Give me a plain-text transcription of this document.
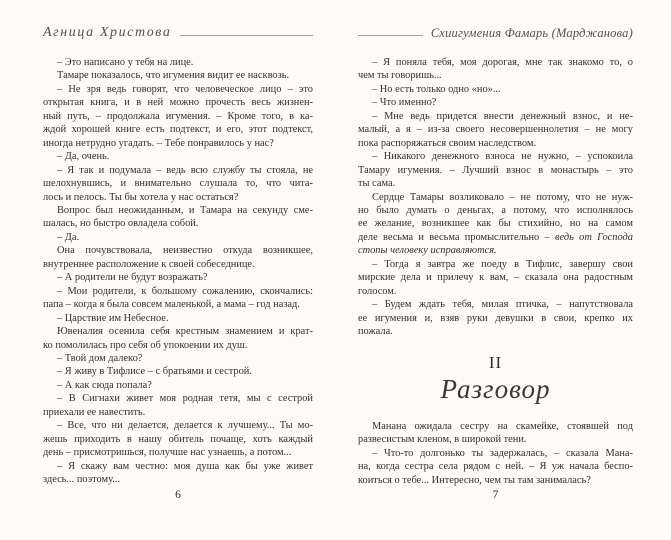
Агница Христова
– Это написано у тебя на лице.
Тамаре показалось, что игумения видит ее насквозь.
– Не зря ведь говорят, что человеческое лицо – это
открытая книга, и в ней можно прочесть весь жизнен-
ный путь, – продолжала игумения. – Кроме того, в ка-
ждой хорошей книге есть подтекст, и его, этот подтекст,
иногда нетрудно угадать. – Тебе понравилось у нас?
– Да, очень.
– Я так и подумала – ведь всю службу ты стояла, не
шелохнувшись, и внимательно слушала то, что чита-
лось и пелось. Ты бы хотела у нас остаться?
Вопрос был неожиданным, и Тамара на секунду сме-
шалась, но быстро овладела собой.
– Да.
Она почувствовала, неизвестно откуда возникшее,
внутреннее расположение к своей собеседнице.
– А родители не будут возражать?
– Мои родители, к большому сожалению, скончались:
папа – когда я была совсем маленькой, а мама – год назад.
– Царствие им Небесное.
Ювеналия осенила себя крестным знамением и крат-
ко помолилась про себя об упокоении их душ.
– Твой дом далеко?
– Я живу в Тифлисе – с братьями и сестрой.
– А как сюда попала?
– В Сигнахи живет моя родная тетя, мы с сестрой
приехали ее навестить.
– Все, что ни делается, делается к лучшему... Ты мо-
жешь приходить в нашу обитель почаще, хоть каждый
день – присмотришься, получше нас узнаешь, а потом...
– Я скажу вам честно: моя душа как бы уже живет
здесь... поэтому...
6
Схиигумения Фамарь (Марджанова)
– Я поняла тебя, моя дорогая, мне так знакомо то, о
чем ты говоришь...
– Но есть только одно «но»...
– Что именно?
– Мне ведь придется внести денежный взнос, и не-
малый, а я – из-за своего несовершеннолетия – не могу
пока распоряжаться своим наследством.
– Никакого денежного взноса не нужно, – успокоила
Тамару игумения. – Лучший взнос в монастырь – это
ты сама.
Сердце Тамары возликовало – не потому, что не нуж-
но было думать о деньгах, а потому, что исполнялось
ее желание, возникшее как бы стихийно, но на самом
деле весьма и весьма промыслительно – ведь от Господа
стопы человеку исправляются.
– Тогда я завтра же поеду в Тифлис, завершу свои
мирские дела и прилечу к вам, – сказала она радостным
голосом.
– Будем ждать тебя, милая птичка, – напутствовала
ее игумения и, взяв руки девушки в свои, крепко их
пожала.
II
Разговор
Манана ожидала сестру на скамейке, стоявшей под
развесистым кленом, в широкой тени.
– Что-то долгонько ты задержалась, – сказала Мана-
на, когда сестра села рядом с ней. – Я уж начала беспо-
коиться о тебе... Интересно, чем ты там занималась?
7
